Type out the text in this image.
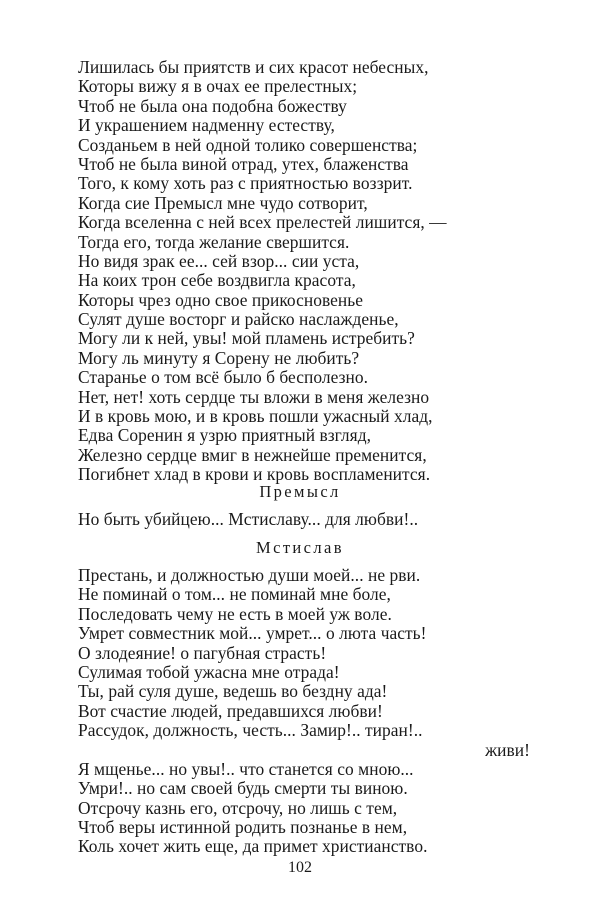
Лишилась бы приятств и сих красот небесных,
Которы вижу я в очах ее прелестных;
Чтоб не была она подобна божеству
И украшением надменну естеству,
Созданьем в ней одной толико совершенства;
Чтоб не была виной отрад, утех, блаженства
Того, к кому хоть раз с приятностью воззрит.
Когда сие Премысл мне чудо сотворит,
Когда вселенна с ней всех прелестей лишится, —
Тогда его, тогда желание свершится.
Но видя зрак ее... сей взор... сии уста,
На коих трон себе воздвигла красота,
Которы чрез одно свое прикосновенье
Сулят душе восторг и райско наслажденье,
Могу ли к ней, увы! мой пламень истребить?
Могу ль минуту я Сорену не любить?
Старанье о том всё было б бесполезно.
Нет, нет! хоть сердце ты вложи в меня железно
И в кровь мою, и в кровь пошли ужасный хлад,
Едва Соренин я узрю приятный взгляд,
Железно сердце вмиг в нежнейше пременится,
Погибнет хлад в крови и кровь воспламенится.
Премысл
Но быть убийцею... Мстиславу... для любви!..
Мстислав
Престань, и должностью души моей... не рви.
Не поминай о том... не поминай мне боле,
Последовать чему не есть в моей уж воле.
Умрет совместник мой... умрет... о люта часть!
О злодеяние! о пагубная страсть!
Сулимая тобой ужасна мне отрада!
Ты, рай суля душе, ведешь во бездну ада!
Вот счастие людей, предавшихся любви!
Рассудок, должность, честь... Замир!.. тиран!..
живи!
Я мщенье... но увы!.. что станется со мною...
Умри!.. но сам своей будь смерти ты виною.
Отсрочу казнь его, отсрочу, но лишь с тем,
Чтоб веры истинной родить познанье в нем,
Коль хочет жить еще, да примет христианство.
102
